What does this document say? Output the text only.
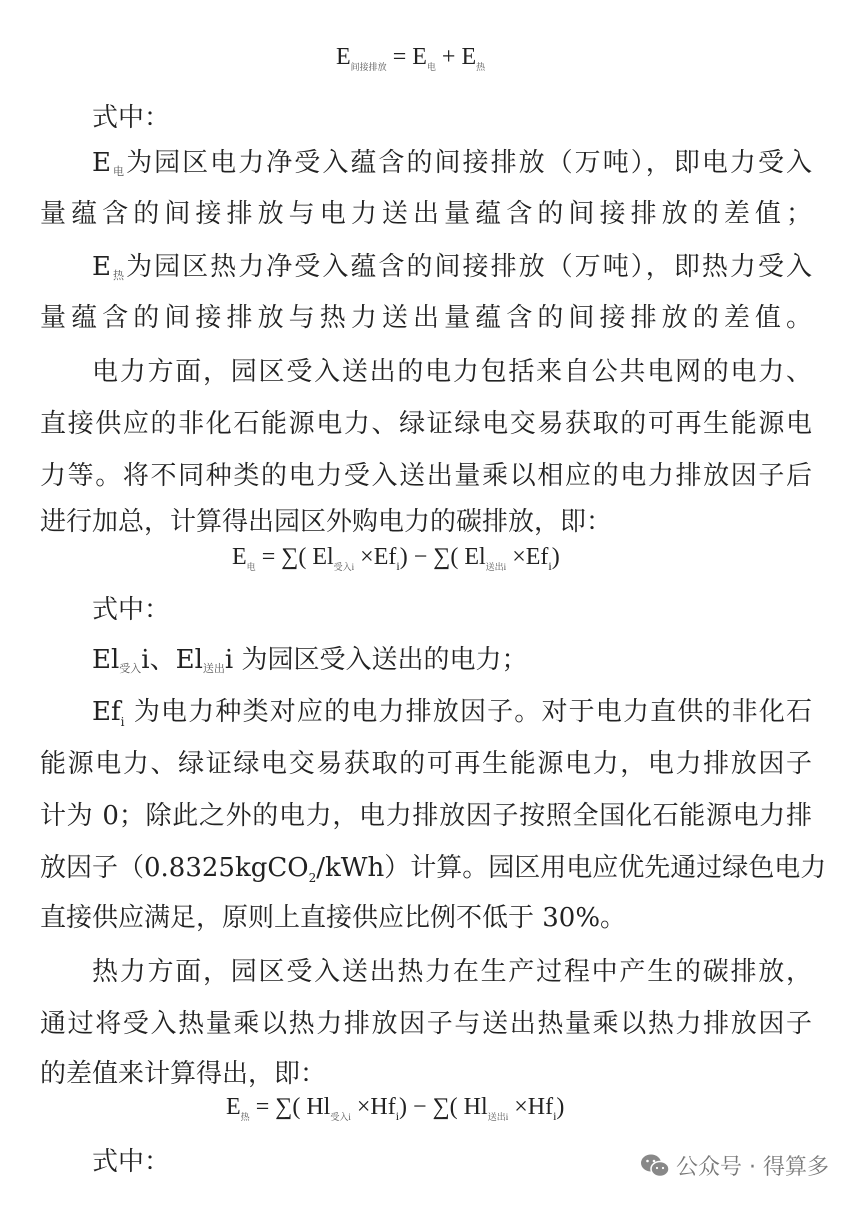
$E_{间接排放} = E_电 + E_热$
式中：
E电为园区电力净受入蕴含的间接排放（万吨），即电力受入
量蕴含的间接排放与电力送出量蕴含的间接排放的差值；
E热为园区热力净受入蕴含的间接排放（万吨），即热力受入
量蕴含的间接排放与热力送出量蕴含的间接排放的差值。
电力方面，园区受入送出的电力包括来自公共电网的电力、
直接供应的非化石能源电力、绿证绿电交易获取的可再生能源电
力等。将不同种类的电力受入送出量乘以相应的电力排放因子后
进行加总，计算得出园区外购电力的碳排放，即：
$E_电$ = ∑( $El_{受入i} \times Ef_i$) − ∑( $El_{送出i} \times Ef_i$)
式中：
El受入i、El送出i 为园区受入送出的电力；
$Ef_i$ 为电力种类对应的电力排放因子。对于电力直供的非化石
能源电力、绿证绿电交易获取的可再生能源电力，电力排放因子
计为 0；除此之外的电力，电力排放因子按照全国化石能源电力排
放因子（0.8325kgCO$_2$/kWh）计算。园区用电应优先通过绿色电力
直接供应满足，原则上直接供应比例不低于 30%。
热力方面，园区受入送出热力在生产过程中产生的碳排放，
通过将受入热量乘以热力排放因子与送出热量乘以热力排放因子
的差值来计算得出，即：
$E_热$ = ∑( $Hl_{受入i} \times Hf_i$) − ∑( $Hl_{送出i} \times Hf_i$)
式中：	公众号 · 得算多
